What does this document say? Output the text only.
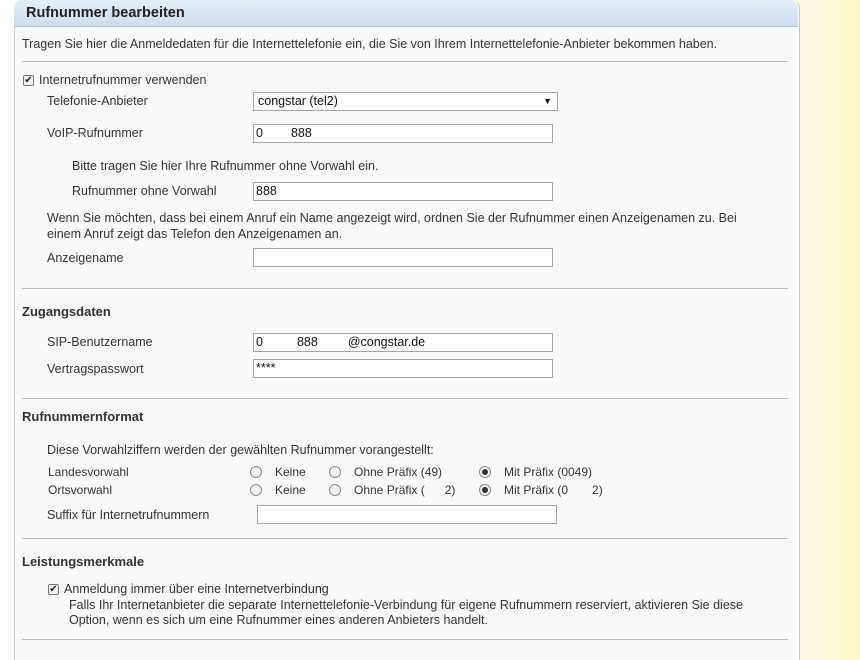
Rufnummer bearbeiten
Tragen Sie hier die Anmeldedaten für die Internettelefonie ein, die Sie von Ihrem Internettelefonie-Anbieter bekommen haben.
✔ Internetrufnummer verwenden
Telefonie-Anbieter	congstar (tel2)	▼
VoIP-Rufnummer	0 888
Bitte tragen Sie hier Ihre Rufnummer ohne Vorwahl ein.
Rufnummer ohne Vorwahl	888
Wenn Sie möchten, dass bei einem Anruf ein Name angezeigt wird, ordnen Sie der Rufnummer einen Anzeigenamen zu. Bei
einem Anruf zeigt das Telefon den Anzeigenamen an.
Anzeigename
Zugangsdaten
SIP-Benutzername	0	888 @congstar.de
Vertragspasswort	****
Rufnummernformat
Diese Vorwahlziffern werden der gewählten Rufnummer vorangestellt:
Landesvorwahl	Keine	Ohne Präfix (49)	Mit Präfix (0049)
Ortsvorwahl	Keine	Ohne Präfix ( 2)	Mit Präfix (0 2)
Suffix für Internetrufnummern
Leistungsmerkmale
✔ Anmeldung immer über eine Internetverbindung
Falls Ihr Internetanbieter die separate Internettelefonie-Verbindung für eigene Rufnummern reserviert, aktivieren Sie diese
Option, wenn es sich um eine Rufnummer eines anderen Anbieters handelt.
